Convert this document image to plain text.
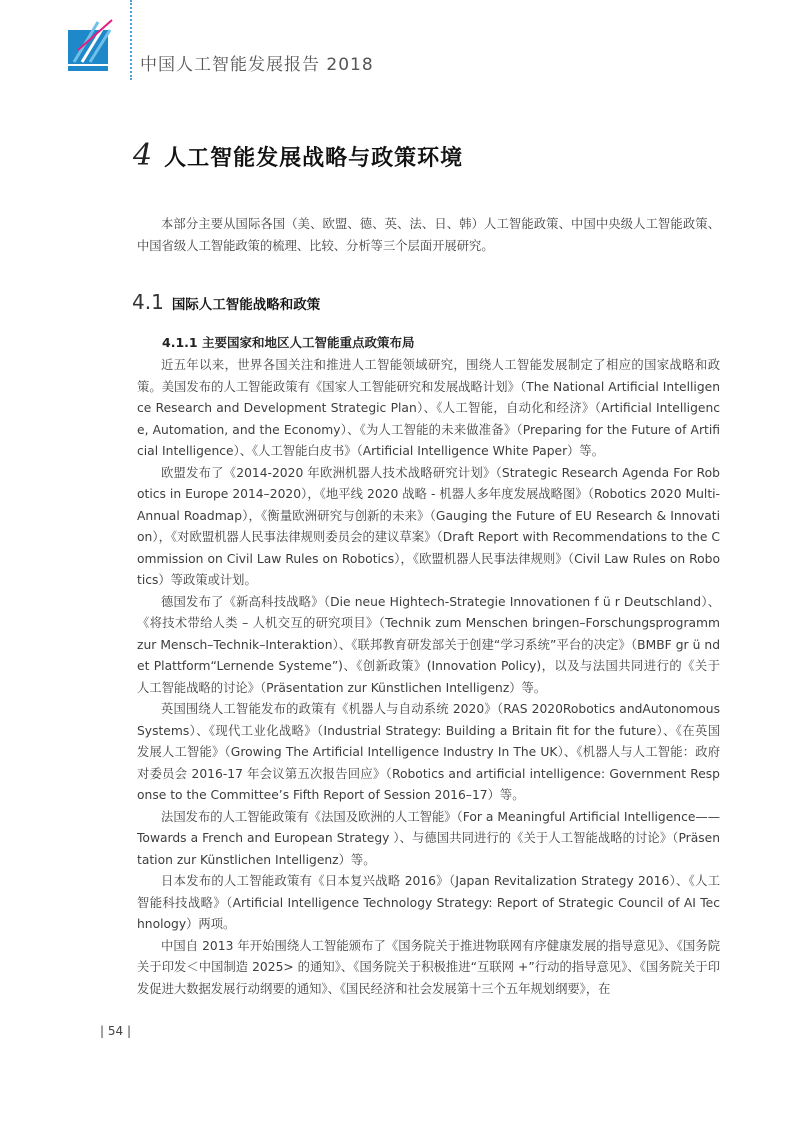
中国人工智能发展报告 2018
4 人工智能发展战略与政策环境

本部分主要从国际各国（美、欧盟、德、英、法、日、韩）人工智能政策、中国中央级人工智能政策、中国省级人工智能政策的梳理、比较、分析等三个层面开展研究。

4.1 国际人工智能战略和政策
4.1.1 主要国家和地区人工智能重点政策布局

近五年以来，世界各国关注和推进人工智能领域研究，围绕人工智能发展制定了相应的国家战略和政策。美国发布的人工智能政策有《国家人工智能研究和发展战略计划》（The National Artificial Intelligence Research and Development Strategic Plan）、《人工智能，自动化和经济》（Artificial Intelligence, Automation, and the Economy）、《为人工智能的未来做准备》（Preparing for the Future of Artificial Intelligence）、《人工智能白皮书》（Artificial Intelligence White Paper）等。

欧盟发布了《2014-2020 年欧洲机器人技术战略研究计划》（Strategic Research Agenda For Robotics in Europe 2014–2020），《地平线 2020 战略 - 机器人多年度发展战略图》（Robotics 2020 Multi-Annual Roadmap），《衡量欧洲研究与创新的未来》（Gauging the Future of EU Research & Innovation），《对欧盟机器人民事法律规则委员会的建议草案》（Draft Report with Recommendations to the Commission on Civil Law Rules on Robotics），《欧盟机器人民事法律规则》（Civil Law Rules on Robotics）等政策或计划。

德国发布了《新高科技战略》（Die neue Hightech-Strategie Innovationen f ü r Deutschland）、《将技术带给人类 – 人机交互的研究项目》（Technik zum Menschen bringen–Forschungsprogramm zur Mensch–Technik–Interaktion）、《联邦教育研发部关于创建“学习系统”平台的决定》（BMBF gr ü ndet Plattform“Lernende Systeme”)、《创新政策》(Innovation Policy)，以及与法国共同进行的《关于人工智能战略的讨论》（Präsentation zur Künstlichen Intelligenz）等。

英国围绕人工智能发布的政策有《机器人与自动系统 2020》（RAS 2020Robotics andAutonomous Systems）、《现代工业化战略》（Industrial Strategy: Building a Britain fit for the future）、《在英国发展人工智能》（Growing The Artificial Intelligence Industry In The UK）、《机器人与人工智能：政府对委员会 2016-17 年会议第五次报告回应》（Robotics and artificial intelligence: Government Response to the Committee’s Fifth Report of Session 2016–17）等。

法国发布的人工智能政策有《法国及欧洲的人工智能》（For a Meaningful Artificial Intelligence——Towards a French and European Strategy ）、与德国共同进行的《关于人工智能战略的讨论》（Präsentation zur Künstlichen Intelligenz）等。

日本发布的人工智能政策有《日本复兴战略 2016》（Japan Revitalization Strategy 2016）、《人工智能科技战略》（Artificial Intelligence Technology Strategy: Report of Strategic Council of AI Technology）两项。

中国自 2013 年开始围绕人工智能颁布了《国务院关于推进物联网有序健康发展的指导意见》、《国务院关于印发＜中国制造 2025> 的通知》、《国务院关于积极推进“互联网 +”行动的指导意见》、《国务院关于印发促进大数据发展行动纲要的通知》、《国民经济和社会发展第十三个五年规划纲要》，在

| 54 |
